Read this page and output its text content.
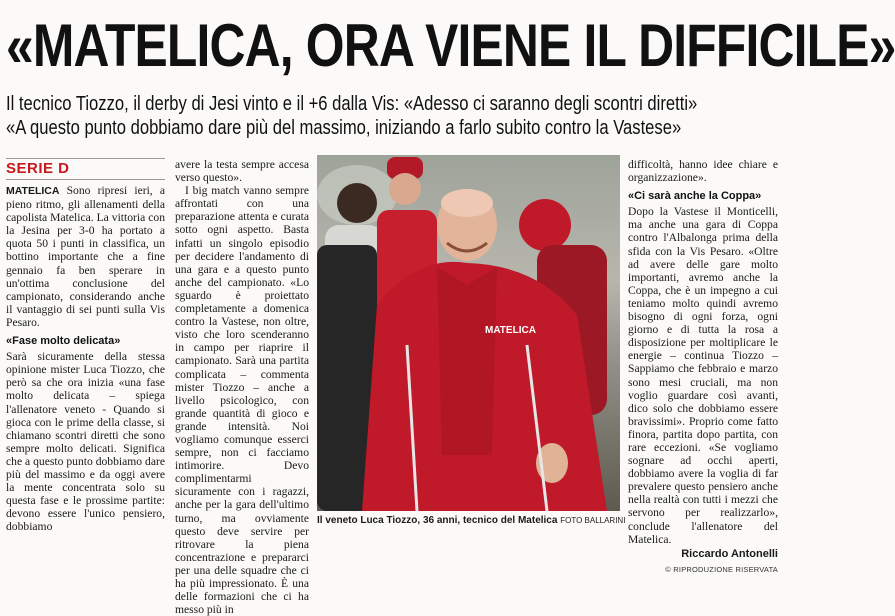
«MATELICA, ORA VIENE IL DIFFICILE»
Il tecnico Tiozzo, il derby di Jesi vinto e il +6 dalla Vis: «Adesso ci saranno degli scontri diretti»
«A questo punto dobbiamo dare più del massimo, iniziando a farlo subito contro la Vastese»
SERIE D

MATELICA Sono ripresi ieri, a pieno ritmo, gli allenamenti della capolista Matelica. La vittoria con la Jesina per 3-0 ha portato a quota 50 i punti in classifica, un bottino importante che a fine gennaio fa ben sperare in un'ottima conclusione del campionato, considerando anche il vantaggio di sei punti sulla Vis Pesaro.

«Fase molto delicata»

Sarà sicuramente della stessa opinione mister Luca Tiozzo, che però sa che ora inizia «una fase molto delicata – spiega l'allenatore veneto - Quando si gioca con le prime della classe, si chiamano scontri diretti che sono sempre molto delicati. Significa che a questo punto dobbiamo dare più del massimo e da oggi avere la mente concentrata solo su questa fase e le prossime partite: devono essere l'unico pensiero, dobbiamo

avere la testa sempre accesa verso questo».

I big match vanno sempre affrontati con una preparazione attenta e curata sotto ogni aspetto. Basta infatti un singolo episodio per decidere l'andamento di una gara e a questo punto anche del campionato. «Lo sguardo è proiettato completamente a domenica contro la Vastese, non oltre, visto che loro scenderanno in campo per riaprire il campionato. Sarà una partita complicata – commenta mister Tiozzo – anche a livello psicologico, con grande quantità di gioco e grande intensità. Noi vogliamo comunque esserci sempre, non ci facciamo intimorire. Devo complimentarmi sicuramente con i ragazzi, anche per la gara dell'ultimo turno, ma ovviamente questo deve servire per ritrovare la piena concentrazione e prepararci per una delle squadre che ci ha più impressionato. È una delle formazioni che ci ha messo più in

MATELICA
Il veneto Luca Tiozzo, 36 anni, tecnico del Matelica FOTO BALLARINI

difficoltà, hanno idee chiare e organizzazione».

«Ci sarà anche la Coppa»

Dopo la Vastese il Monticelli, ma anche una gara di Coppa contro l'Albalonga prima della sfida con la Vis Pesaro. «Oltre ad avere delle gare molto importanti, avremo anche la Coppa, che è un impegno a cui teniamo molto quindi avremo bisogno di ogni forza, ogni giorno e di tutta la rosa a disposizione per moltiplicare le energie – continua Tiozzo – Sappiamo che febbraio e marzo sono mesi cruciali, ma non voglio guardare così avanti, dico solo che dobbiamo essere bravissimi». Proprio come fatto finora, partita dopo partita, con rare eccezioni. «Se vogliamo sognare ad occhi aperti, dobbiamo avere la voglia di far prevalere questo pensiero anche nella realtà con tutti i mezzi che servono per realizzarlo», conclude l'allenatore del Matelica.

Riccardo Antonelli
© RIPRODUZIONE RISERVATA
